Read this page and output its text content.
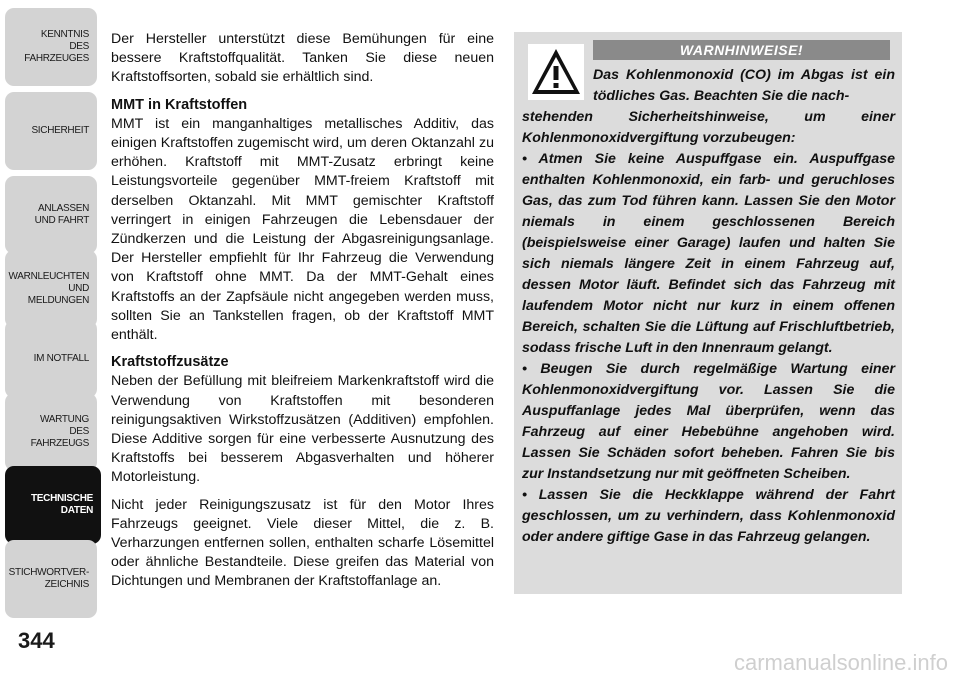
KENNTNIS
DES
FAHRZEUGES
SICHERHEIT
ANLASSEN
UND FAHRT
WARNLEUCHTEN
UND
MELDUNGEN
IM NOTFALL
WARTUNG
DES
FAHRZEUGS
TECHNISCHE
DATEN
STICHWORTVER-
ZEICHNIS
344

Der Hersteller unterstützt diese Bemühungen für eine bessere Kraftstoffqualität. Tanken Sie diese neuen Kraftstoffsorten, sobald sie erhältlich sind.

MMT in Kraftstoffen

MMT ist ein manganhaltiges metallisches Additiv, das einigen Kraftstoffen zugemischt wird, um deren Oktanzahl zu erhöhen. Kraftstoff mit MMT-Zusatz erbringt keine Leistungsvorteile gegenüber MMT-freiem Kraftstoff mit derselben Oktanzahl. Mit MMT gemischter Kraftstoff verringert in einigen Fahrzeugen die Lebensdauer der Zündkerzen und die Leistung der Abgasreinigungsanlage. Der Hersteller empfiehlt für Ihr Fahrzeug die Verwendung von Kraftstoff ohne MMT. Da der MMT-Gehalt eines Kraftstoffs an der Zapfsäule nicht angegeben werden muss, sollten Sie an Tankstellen fragen, ob der Kraftstoff MMT enthält.

Kraftstoffzusätze

Neben der Befüllung mit bleifreiem Markenkraftstoff wird die Verwendung von Kraftstoffen mit besonderen reinigungsaktiven Wirkstoffzusätzen (Additiven) empfohlen. Diese Additive sorgen für eine verbesserte Ausnutzung des Kraftstoffs bei besserem Abgasverhalten und höherer Motorleistung.

Nicht jeder Reinigungszusatz ist für den Motor Ihres Fahrzeugs geeignet. Viele dieser Mittel, die z. B. Verharzungen entfernen sollen, enthalten scharfe Lösemittel oder ähnliche Bestandteile. Diese greifen das Material von Dichtungen und Membranen der Kraftstoffanlage an.

WARNHINWEISE!
Das Kohlenmonoxid (CO) im Abgas ist ein tödliches Gas. Beachten Sie die nach-

stehenden Sicherheitshinweise, um einer Kohlenmonoxidvergiftung vorzubeugen:

• Atmen Sie keine Auspuffgase ein. Auspuffgase enthalten Kohlenmonoxid, ein farb- und geruchloses Gas, das zum Tod führen kann. Lassen Sie den Motor niemals in einem geschlossenen Bereich (beispielsweise einer Garage) laufen und halten Sie sich niemals längere Zeit in einem Fahrzeug auf, dessen Motor läuft. Befindet sich das Fahrzeug mit laufendem Motor nicht nur kurz in einem offenen Bereich, schalten Sie die Lüftung auf Frischluftbetrieb, sodass frische Luft in den Innenraum gelangt.

• Beugen Sie durch regelmäßige Wartung einer Kohlenmonoxidvergiftung vor. Lassen Sie die Auspuffanlage jedes Mal überprüfen, wenn das Fahrzeug auf einer Hebebühne angehoben wird. Lassen Sie Schäden sofort beheben. Fahren Sie bis zur Instandsetzung nur mit geöffneten Scheiben.

• Lassen Sie die Heckklappe während der Fahrt geschlossen, um zu verhindern, dass Kohlenmonoxid oder andere giftige Gase in das Fahrzeug gelangen.

carmanualsonline.info
